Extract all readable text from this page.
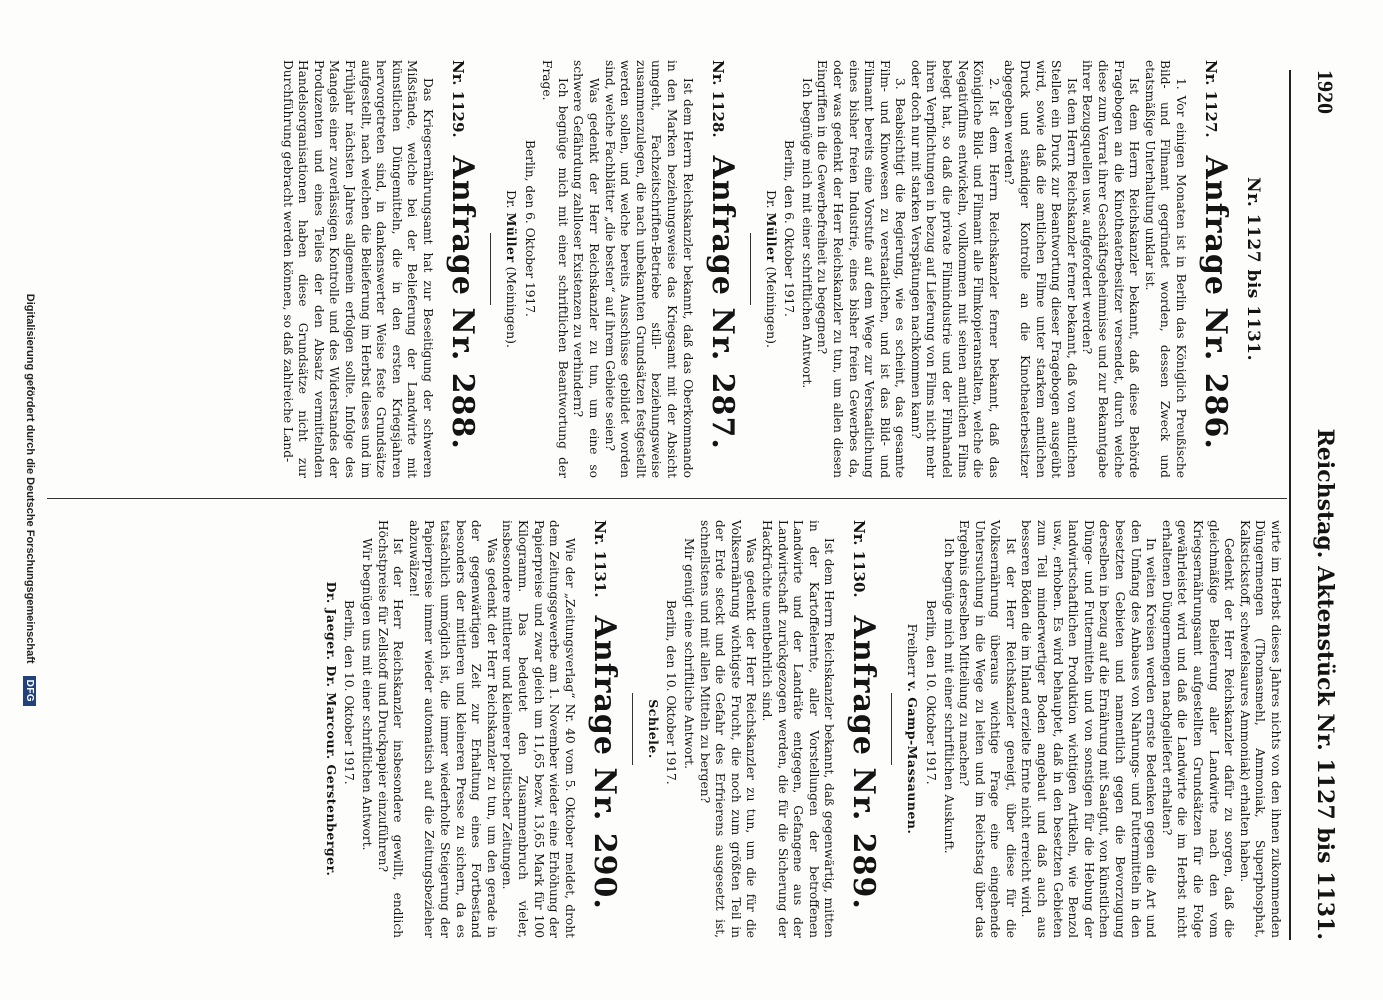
1920
Reichstag. Aktenstück Nr. 1127 bis 1131.
Nr. 1127 bis 1131.
Nr. 1127.
Anfrage Nr. 286.

1. Vor einigen Monaten ist in Berlin das Königlich Preußische Bild- und Filmamt gegründet worden, dessen Zweck und etatsmäßige Unterhaltung unklar ist.

Ist dem Herrn Reichskanzler bekannt, daß diese Behörde Fragebogen an die Kinotheaterbesitzer versendet, durch welche diese zum Verrat ihrer Geschäftsgeheimnisse und zur Bekanntgabe ihrer Bezugsquellen usw. aufgefordert werden?

Ist dem Herrn Reichskanzler ferner bekannt, daß von amtlichen Stellen ein Druck zur Beantwortung dieser Fragebogen ausgeübt wird, sowie daß die amtlichen Filme unter starkem amtlichen Druck und ständiger Kontrolle an die Kinotheaterbesitzer abgegeben werden?

2. Ist dem Herrn Reichskanzler ferner bekannt, daß das Königliche Bild- und Filmamt alle Filmkopieranstalten, welche die Negativfilms entwickeln, vollkommen mit seinen amtlichen Films belegt hat, so daß die private Filmindustrie und der Filmhandel ihren Verpflichtungen in bezug auf Lieferung von Films nicht mehr oder doch nur mit starken Verspätungen nachkommen kann?

3. Beabsichtigt die Regierung, wie es scheint, das gesamte Film- und Kinowesen zu verstaatlichen, und ist das Bild- und Filmamt bereits eine Vorstufe auf dem Wege zur Verstaatlichung eines bisher freien Industrie, eines bisher freien Gewerbes da, oder was gedenkt der Herr Reichskanzler zu tun, um allen diesen Eingriffen in die Gewerbefreiheit zu begegnen?

Ich begnüge mich mit einer schriftlichen Antwort.

Berlin, den 6. Oktober 1917.
Dr. Müller (Meiningen).
Nr. 1128.
Anfrage Nr. 287.

Ist dem Herrn Reichskanzler bekannt, daß das Oberkommando in den Marken beziehungsweise das Kriegsamt mit der Absicht umgeht, Fachzeitschriften-Betriebe still- beziehungsweise zusammenzulegen, die nach unbekannten Grundsätzen festgestellt werden sollen, und welche bereits Ausschüsse gebildet worden sind, welche Fachblätter „die besten“ auf ihrem Gebiete seien?

Was gedenkt der Herr Reichskanzler zu tun, um eine so schwere Gefährdung zahlloser Existenzen zu verhindern?

Ich begnüge mich mit einer schriftlichen Beantwortung der Frage.

Berlin, den 6. Oktober 1917.
Dr. Müller (Meiningen).
Nr. 1129.
Anfrage Nr. 288.

Das Kriegsernährungsamt hat zur Beseitigung der schweren Mißstände, welche bei der Belieferung der Landwirte mit künstlichen Düngemitteln, die in den ersten Kriegsjahren hervorgetreten sind, in dankenswerter Weise feste Grundsätze aufgestellt, nach welchen die Belieferung im Herbst dieses und im Frühjahr nächsten Jahres allgemein erfolgen sollte. Infolge des Mangels einer zuverlässigen Kontrolle und des Widerstandes der Produzenten und eines Teiles der den Absatz vermittelnden Handelsorganisationen haben diese Grundsätze nicht zur Durchführung gebracht werden können, so daß zahlreiche Land-

wirte im Herbst dieses Jahres nichts von den ihnen zukommenden Düngermengen (Thomasmehl, Ammoniak, Superphosphat, Kalkstickstoff, schwefelsaures Ammoniak) erhalten haben.

Gedenkt der Herr Reichskanzler dafür zu sorgen, daß die gleichmäßige Belieferung aller Landwirte nach den vom Kriegsernährungsamt aufgestellten Grundsätzen für die Folge gewährleistet wird und daß die Landwirte die im Herbst nicht erhaltenen Düngermengen nachgeliefert erhalten?

In weiten Kreisen werden ernste Bedenken gegen die Art und den Umfang des Anbaues von Nahrungs- und Futtermitteln in den besetzten Gebieten und namentlich gegen die Bevorzugung derselben in bezug auf die Ernährung mit Saatgut, von künstlichen Dünge- und Futtermitteln und von sonstigen für die Hebung der landwirtschaftlichen Produktion wichtigen Artikeln, wie Benzol usw., erhoben. Es wird behauptet, daß in den besetzten Gebieten zum Teil minderwertiger Boden angebaut und daß auch aus besseren Böden die im Inland erzielte Ernte nicht erreicht wird.

Ist der Herr Reichskanzler geneigt, über diese für die Volksernährung überaus wichtige Frage eine eingehende Untersuchung in die Wege zu leiten und im Reichstag über das Ergebnis derselben Mitteilung zu machen?

Ich begnüge mich mit einer schriftlichen Auskunft.

Berlin, den 10. Oktober 1917.
Freiherr v. Gamp-Massaunen.
Nr. 1130.
Anfrage Nr. 289.

Ist dem Herrn Reichskanzler bekannt, daß gegenwärtig, mitten in der Kartoffelernte, aller Vorstellungen der betroffenen Landwirte und der Landräte entgegen, Gefangene aus der Landwirtschaft zurückgezogen werden, die für die Sicherung der Hackfrüchte unentbehrlich sind.

Was gedenkt der Herr Reichskanzler zu tun, um die für die Volksernährung wichtigste Frucht, die noch zum größten Teil in der Erde steckt und die Gefahr des Erfrierens ausgesetzt ist, schnellstens und mit allen Mitteln zu bergen?

Mir genügt eine schriftliche Antwort.

Berlin, den 10. Oktober 1917.
Schiele.
Nr. 1131.
Anfrage Nr. 290.

Wie der „Zeitungsverlag“ Nr. 40 vom 5. Oktober meldet, droht dem Zeitungsgewerbe am 1. November wieder eine Erhöhung der Papierpreise und zwar gleich um 11,65 bezw. 13,65 Mark für 100 Kilogramm. Das bedeutet den Zusammenbruch vieler, insbesondere mittlerer und kleinerer politischer Zeitungen.

Was gedenkt der Herr Reichskanzler zu tun, um den gerade in der gegenwärtigen Zeit zur Erhaltung eines Fortbestand besonders der mittleren und kleineren Presse zu sichern, da es tatsächlich unmöglich ist, die immer wiederholte Steigerung der Papierpreise immer wieder automatisch auf die Zeitungsbezieher abzuwälzen!

Ist der Herr Reichskanzler insbesondere gewillt, endlich Höchstpreise für Zellstoff und Druckpapier einzuführen?

Wir begnügen uns mit einer schriftlichen Antwort.

Berlin, den 10. Oktober 1917.
Dr. Jaeger. Dr. Marcour. Gerstenberger.
Digitalisierung gefördert durch die Deutsche Forschungsgemeinschaft
DFG
